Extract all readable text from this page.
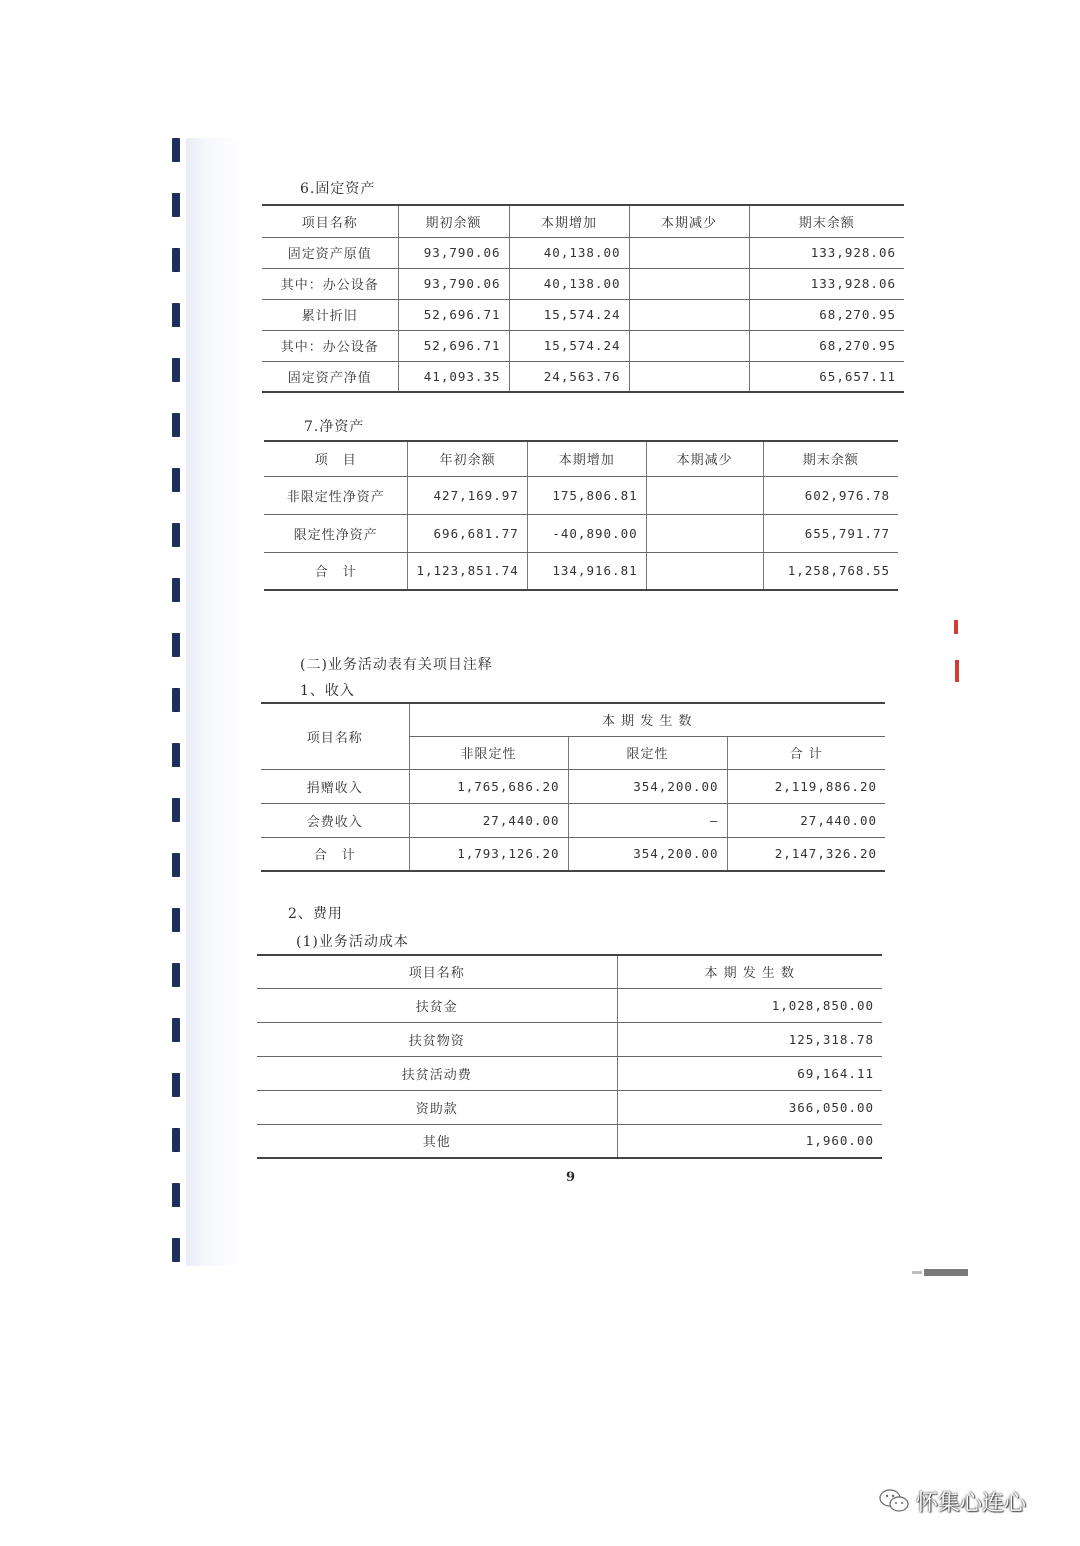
6.固定资产
项目名称	期初余额	本期增加	本期减少	期末余额
固定资产原值	93,790.06	40,138.00		133,928.06
其中：办公设备	93,790.06	40,138.00		133,928.06
累计折旧	52,696.71	15,574.24		68,270.95
其中：办公设备	52,696.71	15,574.24		68,270.95
固定资产净值	41,093.35	24,563.76		65,657.11
7.净资产
项　目	年初余额	本期增加	本期减少	期末余额
非限定性净资产	427,169.97	175,806.81		602,976.78
限定性净资产	696,681.77	-40,890.00		655,791.77
合　计	1,123,851.74	134,916.81		1,258,768.55
(二)业务活动表有关项目注释
1、收入
项目名称	本 期 发 生 数		
	非限定性	限定性	合 计
捐赠收入	1,765,686.20	354,200.00	2,119,886.20
会费收入	27,440.00	–	27,440.00
合　计	1,793,126.20	354,200.00	2,147,326.20
2、费用
(1)业务活动成本
项目名称	本 期 发 生 数
扶贫金	1,028,850.00
扶贫物资	125,318.78
扶贫活动费	69,164.11
资助款	366,050.00
其他	1,960.00
9
怀集心连心
